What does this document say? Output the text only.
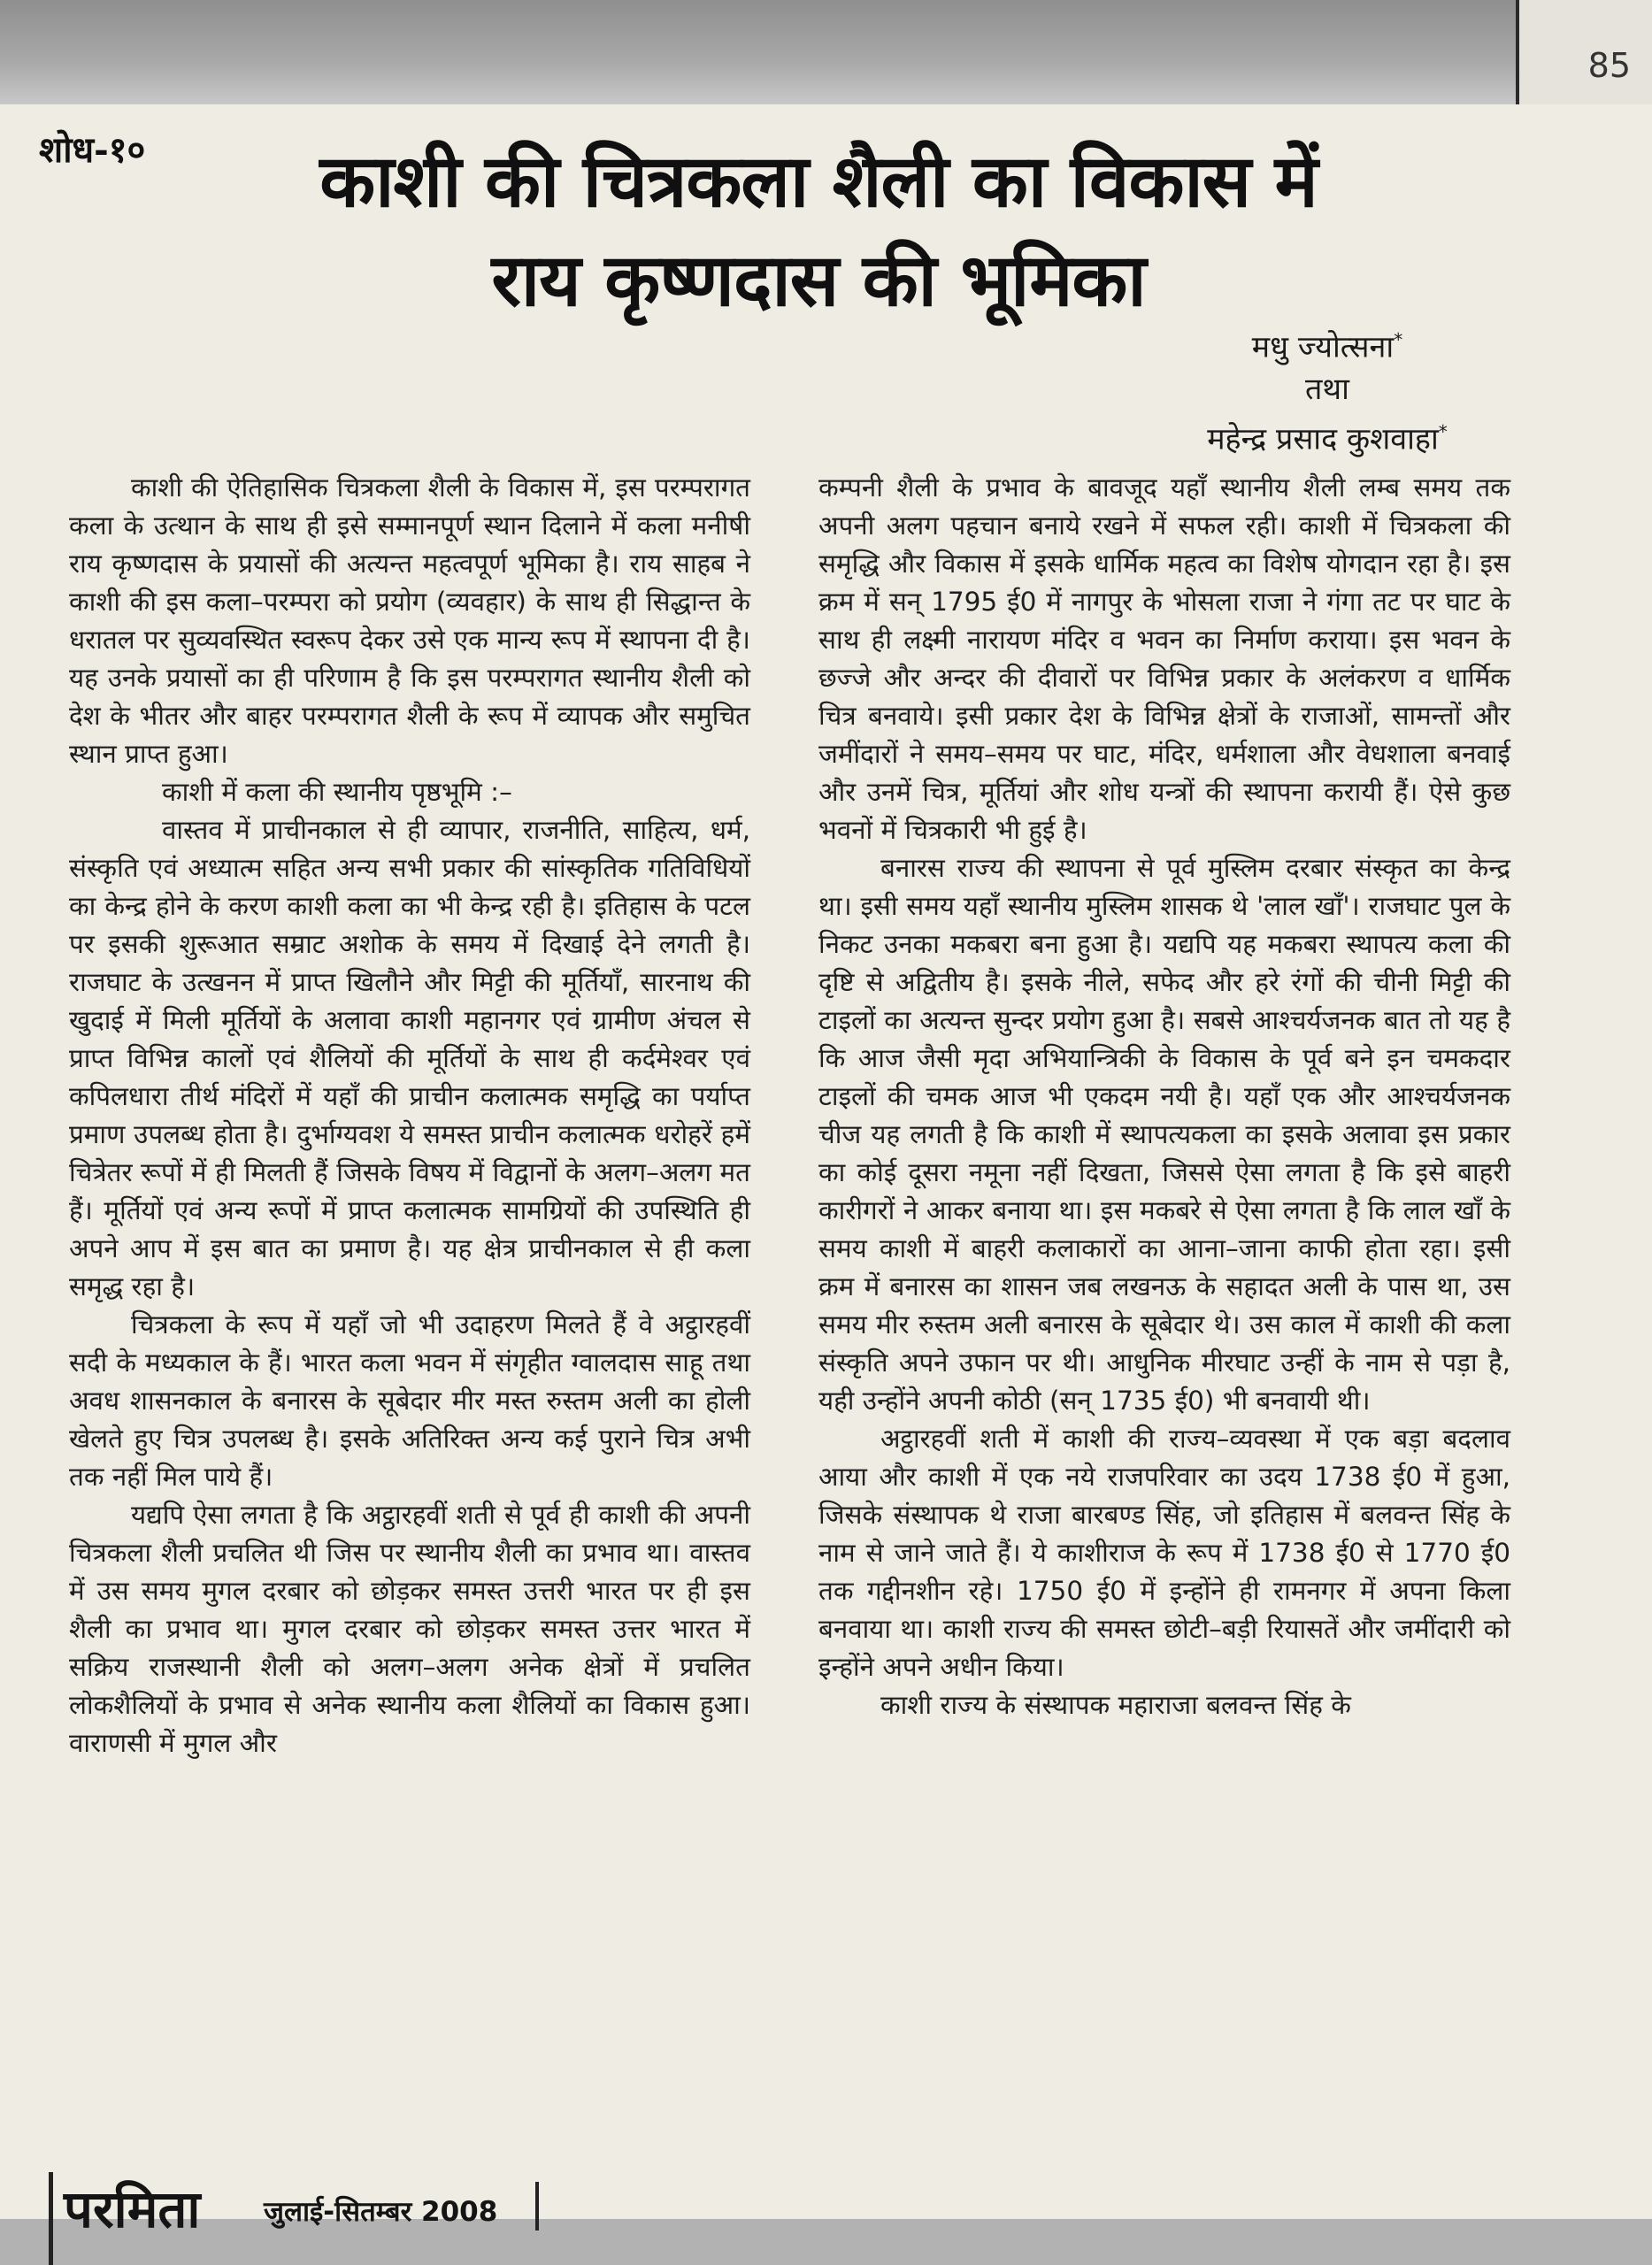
85
शोध-१०	काशी की चित्रकला शैली का विकास में
राय कृष्णदास की भूमिका
मधु ज्योत्सना*
तथा
महेन्द्र प्रसाद कुशवाहा*

काशी की ऐतिहासिक चित्रकला शैली के विकास में, इस परम्परागत कला के उत्थान के साथ ही इसे सम्मानपूर्ण स्थान दिलाने में कला मनीषी राय कृष्णदास के प्रयासों की अत्यन्त महत्वपूर्ण भूमिका है। राय साहब ने काशी की इस कला–परम्परा को प्रयोग (व्यवहार) के साथ ही सिद्धान्त के धरातल पर सुव्यवस्थित स्वरूप देकर उसे एक मान्य रूप में स्थापना दी है। यह उनके प्रयासों का ही परिणाम है कि इस परम्परागत स्थानीय शैली को देश के भीतर और बाहर परम्परागत शैली के रूप में व्यापक और समुचित स्थान प्राप्त हुआ।

काशी में कला की स्थानीय पृष्ठभूमि :–

वास्तव में प्राचीनकाल से ही व्यापार, राजनीति, साहित्य, धर्म, संस्कृति एवं अध्यात्म सहित अन्य सभी प्रकार की सांस्कृतिक गतिविधियों का केन्द्र होने के करण काशी कला का भी केन्द्र रही है। इतिहास के पटल पर इसकी शुरूआत सम्राट अशोक के समय में दिखाई देने लगती है। राजघाट के उत्खनन में प्राप्त खिलौने और मिट्टी की मूर्तियाँ, सारनाथ की खुदाई में मिली मूर्तियों के अलावा काशी महानगर एवं ग्रामीण अंचल से प्राप्त विभिन्न कालों एवं शैलियों की मूर्तियों के साथ ही कर्दमेश्वर एवं कपिलधारा तीर्थ मंदिरों में यहाँ की प्राचीन कलात्मक समृद्धि का पर्याप्त प्रमाण उपलब्ध होता है। दुर्भाग्यवश ये समस्त प्राचीन कलात्मक धरोहरें हमें चित्रेतर रूपों में ही मिलती हैं जिसके विषय में विद्वानों के अलग–अलग मत हैं। मूर्तियों एवं अन्य रूपों में प्राप्त कलात्मक सामग्रियों की उपस्थिति ही अपने आप में इस बात का प्रमाण है। यह क्षेत्र प्राचीनकाल से ही कला समृद्ध रहा है।

चित्रकला के रूप में यहाँ जो भी उदाहरण मिलते हैं वे अट्ठारहवीं सदी के मध्यकाल के हैं। भारत कला भवन में संगृहीत ग्वालदास साहू तथा अवध शासनकाल के बनारस के सूबेदार मीर मस्त रुस्तम अली का होली खेलते हुए चित्र उपलब्ध है। इसके अतिरिक्त अन्य कई पुराने चित्र अभी तक नहीं मिल पाये हैं।

यद्यपि ऐसा लगता है कि अट्ठारहवीं शती से पूर्व ही काशी की अपनी चित्रकला शैली प्रचलित थी जिस पर स्थानीय शैली का प्रभाव था। वास्तव में उस समय मुगल दरबार को छोड़कर समस्त उत्तरी भारत पर ही इस शैली का प्रभाव था। मुगल दरबार को छोड़कर समस्त उत्तर भारत में सक्रिय राजस्थानी शैली को अलग–अलग अनेक क्षेत्रों में प्रचलित लोकशैलियों के प्रभाव से अनेक स्थानीय कला शैलियों का विकास हुआ। वाराणसी में मुगल और

कम्पनी शैली के प्रभाव के बावजूद यहाँ स्थानीय शैली लम्ब समय तक अपनी अलग पहचान बनाये रखने में सफल रही। काशी में चित्रकला की समृद्धि और विकास में इसके धार्मिक महत्व का विशेष योगदान रहा है। इस क्रम में सन् 1795 ई0 में नागपुर के भोसला राजा ने गंगा तट पर घाट के साथ ही लक्ष्मी नारायण मंदिर व भवन का निर्माण कराया। इस भवन के छज्जे और अन्दर की दीवारों पर विभिन्न प्रकार के अलंकरण व धार्मिक चित्र बनवाये। इसी प्रकार देश के विभिन्न क्षेत्रों के राजाओं, सामन्तों और जमींदारों ने समय–समय पर घाट, मंदिर, धर्मशाला और वेधशाला बनवाई और उनमें चित्र, मूर्तियां और शोध यन्त्रों की स्थापना करायी हैं। ऐसे कुछ भवनों में चित्रकारी भी हुई है।

बनारस राज्य की स्थापना से पूर्व मुस्लिम दरबार संस्कृत का केन्द्र था। इसी समय यहाँ स्थानीय मुस्लिम शासक थे 'लाल खाँ'। राजघाट पुल के निकट उनका मकबरा बना हुआ है। यद्यपि यह मकबरा स्थापत्य कला की दृष्टि से अद्वितीय है। इसके नीले, सफेद और हरे रंगों की चीनी मिट्टी की टाइलों का अत्यन्त सुन्दर प्रयोग हुआ है। सबसे आश्चर्यजनक बात तो यह है कि आज जैसी मृदा अभियान्त्रिकी के विकास के पूर्व बने इन चमकदार टाइलों की चमक आज भी एकदम नयी है। यहाँ एक और आश्चर्यजनक चीज यह लगती है कि काशी में स्थापत्यकला का इसके अलावा इस प्रकार का कोई दूसरा नमूना नहीं दिखता, जिससे ऐसा लगता है कि इसे बाहरी कारीगरों ने आकर बनाया था। इस मकबरे से ऐसा लगता है कि लाल खाँ के समय काशी में बाहरी कलाकारों का आना–जाना काफी होता रहा। इसी क्रम में बनारस का शासन जब लखनऊ के सहादत अली के पास था, उस समय मीर रुस्तम अली बनारस के सूबेदार थे। उस काल में काशी की कला संस्कृति अपने उफान पर थी। आधुनिक मीरघाट उन्हीं के नाम से पड़ा है, यही उन्होंने अपनी कोठी (सन् 1735 ई0) भी बनवायी थी।

अट्ठारहवीं शती में काशी की राज्य–व्यवस्था में एक बड़ा बदलाव आया और काशी में एक नये राजपरिवार का उदय 1738 ई0 में हुआ, जिसके संस्थापक थे राजा बारबण्ड सिंह, जो इतिहास में बलवन्त सिंह के नाम से जाने जाते हैं। ये काशीराज के रूप में 1738 ई0 से 1770 ई0 तक गद्दीनशीन रहे। 1750 ई0 में इन्होंने ही रामनगर में अपना किला बनवाया था। काशी राज्य की समस्त छोटी–बड़ी रियासतें और जमींदारी को इन्होंने अपने अधीन किया।

काशी राज्य के संस्थापक महाराजा बलवन्त सिंह के

परमिता जुलाई-सितम्बर 2008
